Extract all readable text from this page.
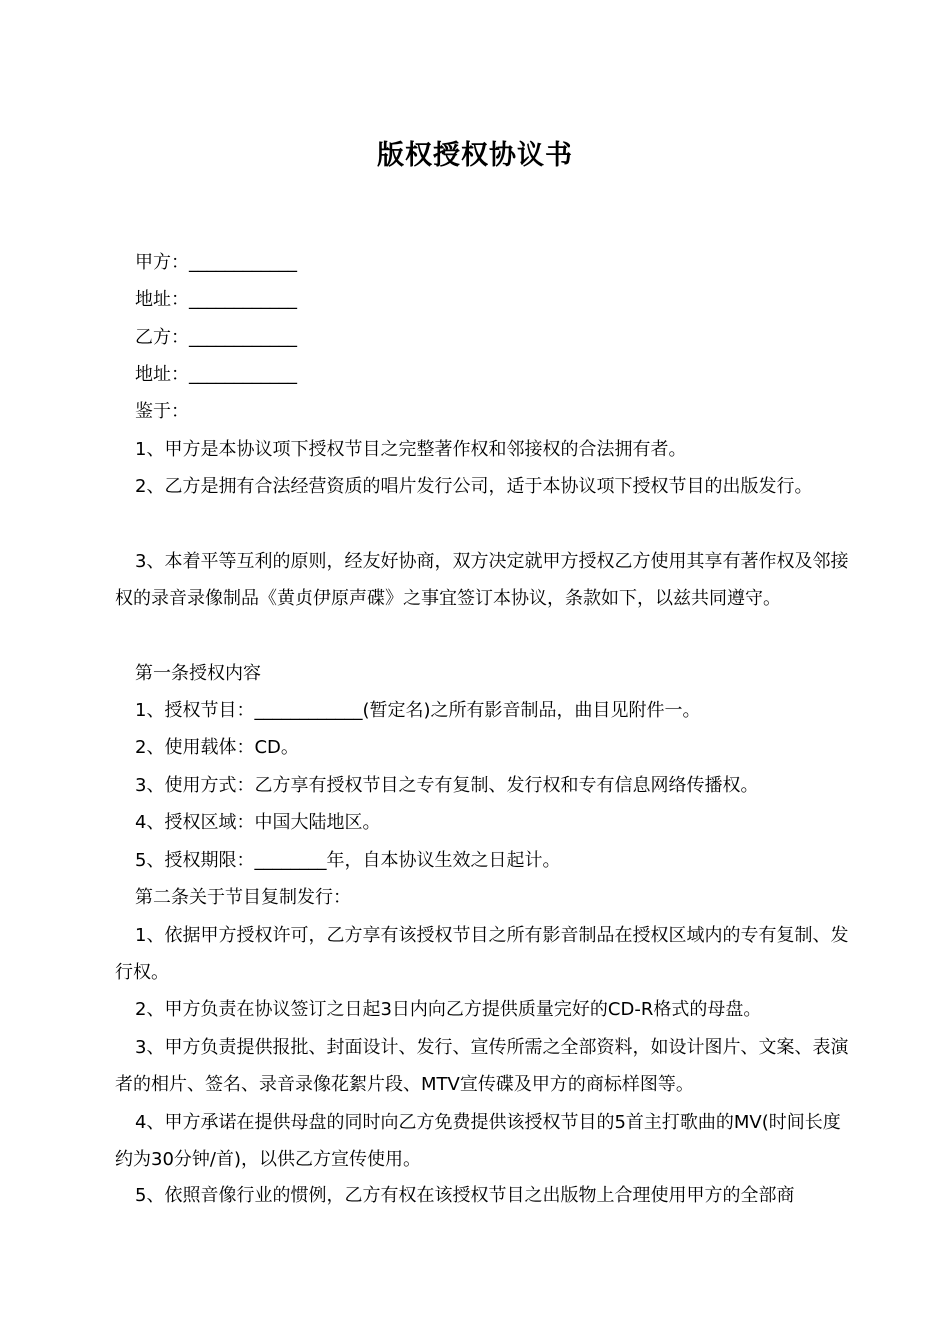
版权授权协议书
甲方：____________
地址：____________
乙方：____________
地址：____________
鉴于：
1、甲方是本协议项下授权节目之完整著作权和邻接权的合法拥有者。
2、乙方是拥有合法经营资质的唱片发行公司，适于本协议项下授权节目的出版发行。
3、本着平等互利的原则，经友好协商，双方决定就甲方授权乙方使用其享有著作权及邻接权的录音录像制品《黄贞伊原声碟》之事宜签订本协议，条款如下，以兹共同遵守。
第一条授权内容
1、授权节目：____________(暂定名)之所有影音制品，曲目见附件一。
2、使用载体：CD。
3、使用方式：乙方享有授权节目之专有复制、发行权和专有信息网络传播权。
4、授权区域：中国大陆地区。
5、授权期限：________年，自本协议生效之日起计。
第二条关于节目复制发行：
1、依据甲方授权许可，乙方享有该授权节目之所有影音制品在授权区域内的专有复制、发行权。
2、甲方负责在协议签订之日起3日内向乙方提供质量完好的CD-R格式的母盘。
3、甲方负责提供报批、封面设计、发行、宣传所需之全部资料，如设计图片、文案、表演者的相片、签名、录音录像花絮片段、MTV宣传碟及甲方的商标样图等。
4、甲方承诺在提供母盘的同时向乙方免费提供该授权节目的5首主打歌曲的MV(时间长度约为30分钟/首)，以供乙方宣传使用。
5、依照音像行业的惯例，乙方有权在该授权节目之出版物上合理使用甲方的全部商
